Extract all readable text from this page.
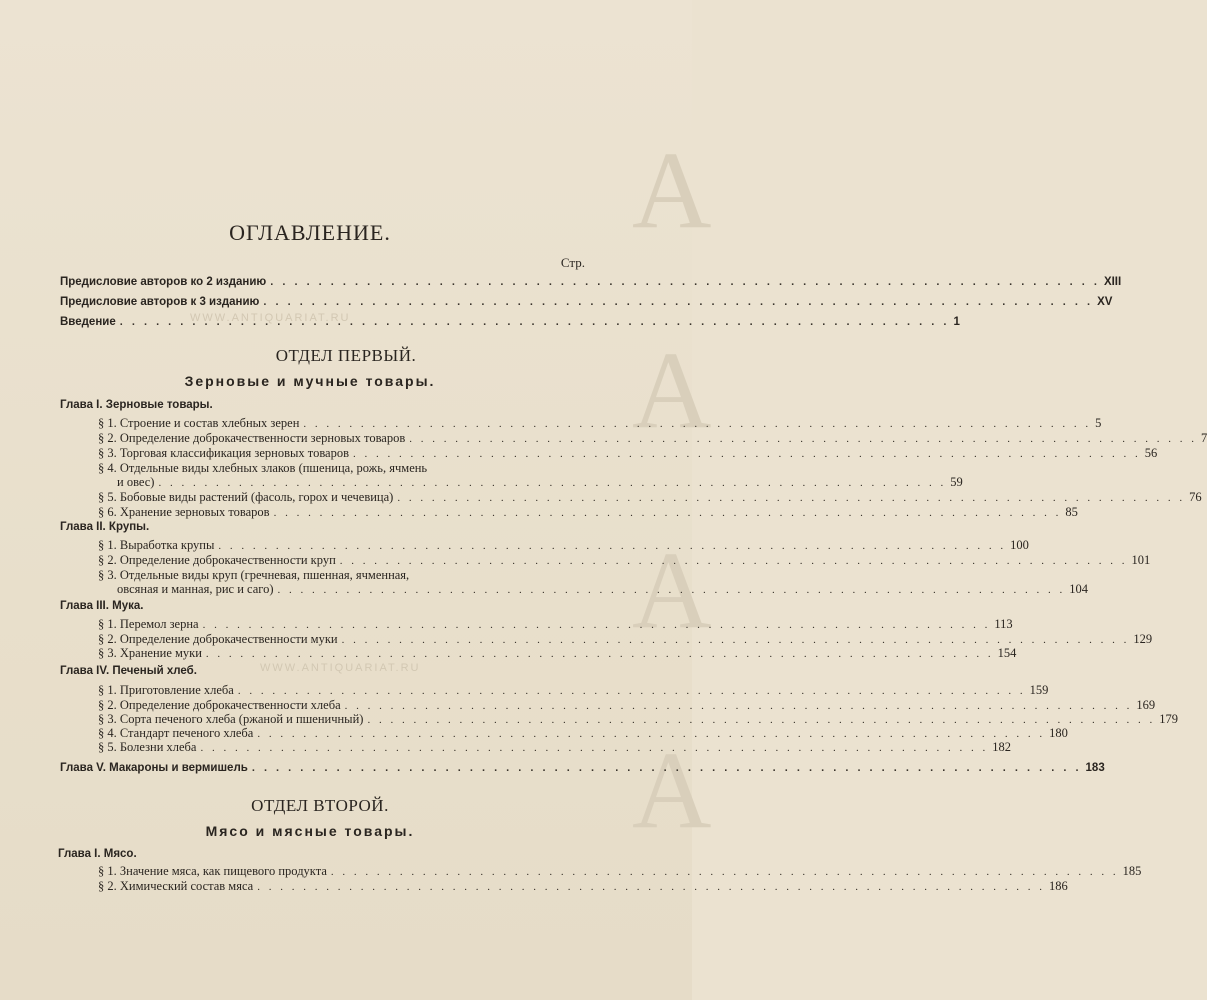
А
А
А
А
WWW.ANTIQUARIAT.RU
WWW.ANTIQUARIAT.RU
ОГЛАВЛЕНИЕ.
Стр.
Предисловие авторов ко 2 изданию . . .	XIII
Предисловие авторов к 3 изданию . . .	XV
Введение . . .	1
ОТДЕЛ ПЕРВЫЙ.
Зерновые и мучные товары.
Глава I. Зерновые товары.
§ 1. Строение и состав хлебных зерен . . .	5
§ 2. Определение доброкачественности зерновых товаров . . .	7
§ 3. Торговая классификация зерновых товаров . . .	56
§ 4. Отдельные виды хлебных злаков (пшеница, рожь, ячмень
и овес) . . .	59
§ 5. Бобовые виды растений (фасоль, горох и чечевица) . . .	76
§ 6. Хранение зерновых товаров . . .	85
Глава II. Крупы.
§ 1. Выработка крупы . . .	100
§ 2. Определение доброкачественности круп . . .	101
§ 3. Отдельные виды круп (гречневая, пшенная, ячменная,
овсяная и манная, рис и саго) . . .	104
Глава III. Мука.
§ 1. Перемол зерна . . .	113
§ 2. Определение доброкачественности муки . . .	129
§ 3. Хранение муки . . .	154
Глава IV. Печеный хлеб.
§ 1. Приготовление хлеба . . .	159
§ 2. Определение доброкачественности хлеба . . .	169
§ 3. Сорта печеного хлеба (ржаной и пшеничный) . . .	179
§ 4. Стандарт печеного хлеба . . .	180
§ 5. Болезни хлеба . . .	182
Глава V. Макароны и вермишель . . .	183
ОТДЕЛ ВТОРОЙ.
Мясо и мясные товары.
Глава I. Мясо.
§ 1. Значение мяса, как пищевого продукта . . .	185
§ 2. Химический состав мяса . . .	186
